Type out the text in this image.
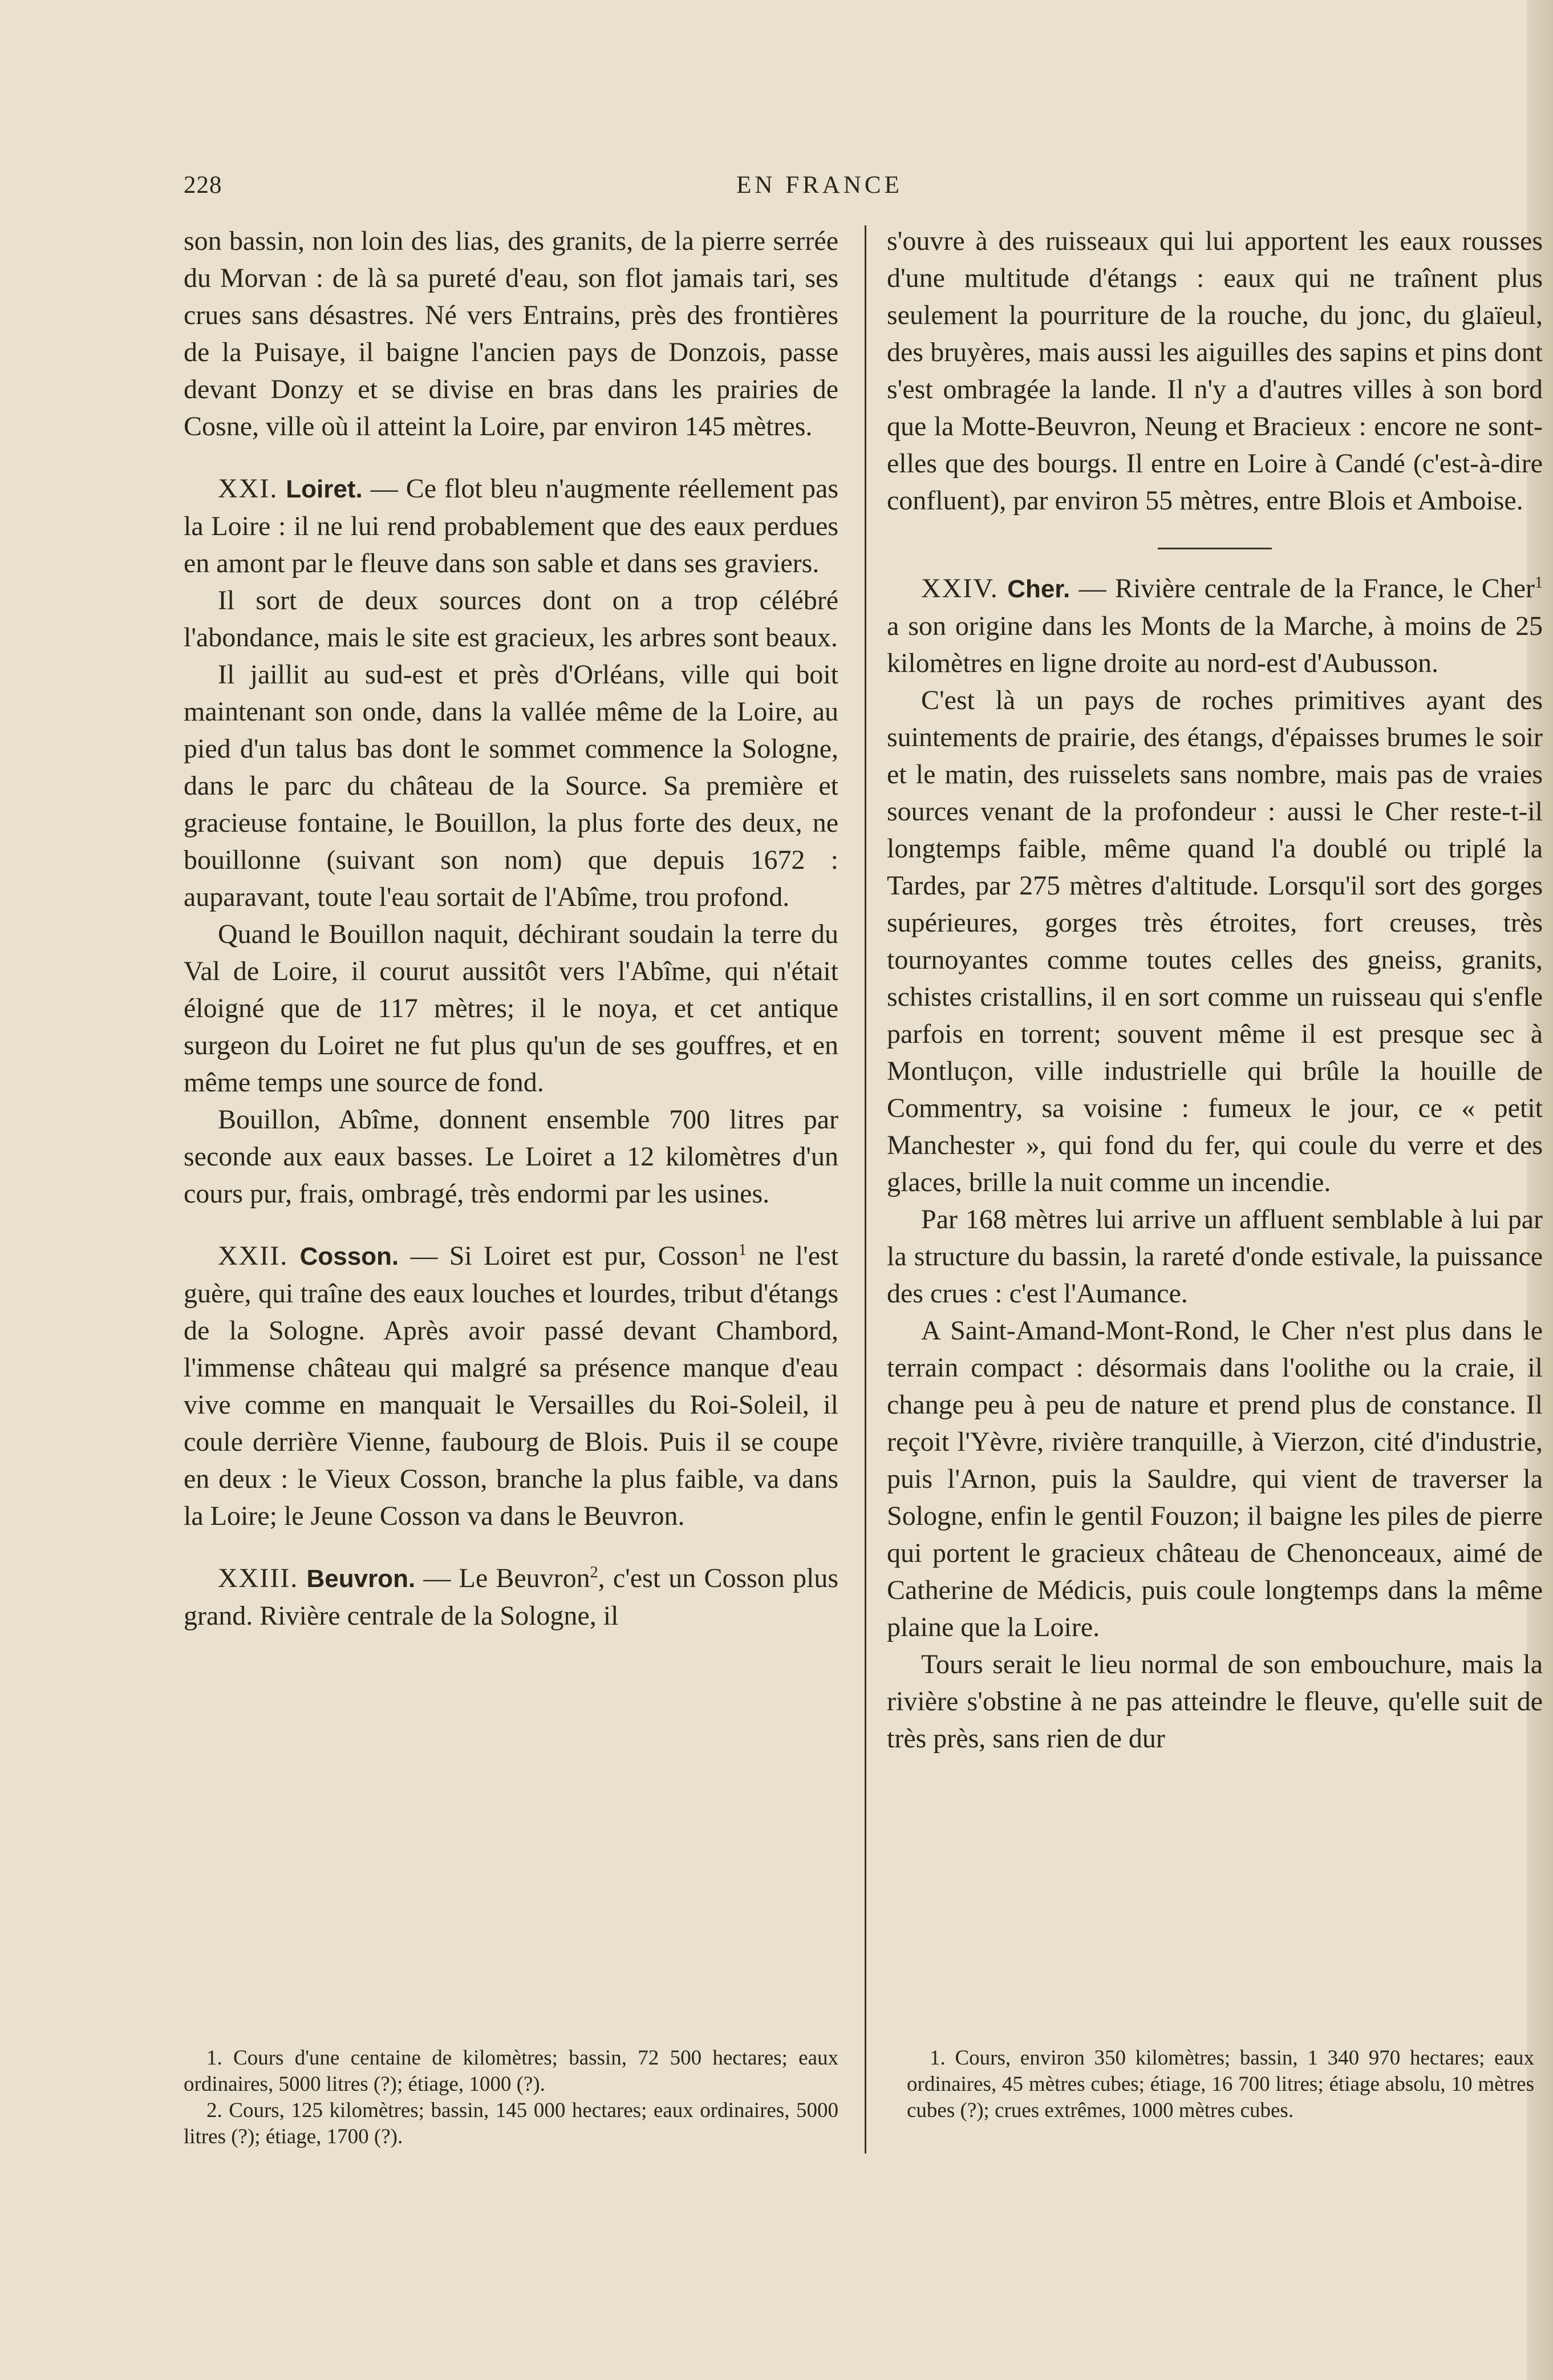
228	EN FRANCE

son bassin, non loin des lias, des granits, de la pierre serrée du Morvan : de là sa pureté d'eau, son flot jamais tari, ses crues sans désastres. Né vers Entrains, près des frontières de la Puisaye, il baigne l'ancien pays de Donzois, passe devant Donzy et se divise en bras dans les prairies de Cosne, ville où il atteint la Loire, par environ 145 mètres.

XXI. Loiret. — Ce flot bleu n'augmente réellement pas la Loire : il ne lui rend probablement que des eaux perdues en amont par le fleuve dans son sable et dans ses graviers.

Il sort de deux sources dont on a trop célébré l'abondance, mais le site est gracieux, les arbres sont beaux.

Il jaillit au sud-est et près d'Orléans, ville qui boit maintenant son onde, dans la vallée même de la Loire, au pied d'un talus bas dont le sommet commence la Sologne, dans le parc du château de la Source. Sa première et gracieuse fontaine, le Bouillon, la plus forte des deux, ne bouillonne (suivant son nom) que depuis 1672 : auparavant, toute l'eau sortait de l'Abîme, trou profond.

Quand le Bouillon naquit, déchirant soudain la terre du Val de Loire, il courut aussitôt vers l'Abîme, qui n'était éloigné que de 117 mètres; il le noya, et cet antique surgeon du Loiret ne fut plus qu'un de ses gouffres, et en même temps une source de fond.

Bouillon, Abîme, donnent ensemble 700 litres par seconde aux eaux basses. Le Loiret a 12 kilomètres d'un cours pur, frais, ombragé, très endormi par les usines.

XXII. Cosson. — Si Loiret est pur, Cosson$^1$ ne l'est guère, qui traîne des eaux louches et lourdes, tribut d'étangs de la Sologne. Après avoir passé devant Chambord, l'immense château qui malgré sa présence manque d'eau vive comme en manquait le Versailles du Roi-Soleil, il coule derrière Vienne, faubourg de Blois. Puis il se coupe en deux : le Vieux Cosson, branche la plus faible, va dans la Loire; le Jeune Cosson va dans le Beuvron.

XXIII. Beuvron. — Le Beuvron$^2$, c'est un Cosson plus grand. Rivière centrale de la Sologne, il

1. Cours d'une centaine de kilomètres; bassin, 72 500 hectares; eaux ordinaires, 5000 litres (?); étiage, 1000 (?).

2. Cours, 125 kilomètres; bassin, 145 000 hectares; eaux ordinaires, 5000 litres (?); étiage, 1700 (?).

s'ouvre à des ruisseaux qui lui apportent les eaux rousses d'une multitude d'étangs : eaux qui ne traînent plus seulement la pourriture de la rouche, du jonc, du glaïeul, des bruyères, mais aussi les aiguilles des sapins et pins dont s'est ombragée la lande. Il n'y a d'autres villes à son bord que la Motte-Beuvron, Neung et Bracieux : encore ne sont-elles que des bourgs. Il entre en Loire à Candé (c'est-à-dire confluent), par environ 55 mètres, entre Blois et Amboise.

XXIV. Cher. — Rivière centrale de la France, le Cher$^1$ a son origine dans les Monts de la Marche, à moins de 25 kilomètres en ligne droite au nord-est d'Aubusson.

C'est là un pays de roches primitives ayant des suintements de prairie, des étangs, d'épaisses brumes le soir et le matin, des ruisselets sans nombre, mais pas de vraies sources venant de la profondeur : aussi le Cher reste-t-il longtemps faible, même quand l'a doublé ou triplé la Tardes, par 275 mètres d'altitude. Lorsqu'il sort des gorges supérieures, gorges très étroites, fort creuses, très tournoyantes comme toutes celles des gneiss, granits, schistes cristallins, il en sort comme un ruisseau qui s'enfle parfois en torrent; souvent même il est presque sec à Montluçon, ville industrielle qui brûle la houille de Commentry, sa voisine : fumeux le jour, ce « petit Manchester », qui fond du fer, qui coule du verre et des glaces, brille la nuit comme un incendie.

Par 168 mètres lui arrive un affluent semblable à lui par la structure du bassin, la rareté d'onde estivale, la puissance des crues : c'est l'Aumance.

A Saint-Amand-Mont-Rond, le Cher n'est plus dans le terrain compact : désormais dans l'oolithe ou la craie, il change peu à peu de nature et prend plus de constance. Il reçoit l'Yèvre, rivière tranquille, à Vierzon, cité d'industrie, puis l'Arnon, puis la Sauldre, qui vient de traverser la Sologne, enfin le gentil Fouzon; il baigne les piles de pierre qui portent le gracieux château de Chenonceaux, aimé de Catherine de Médicis, puis coule longtemps dans la même plaine que la Loire.

Tours serait le lieu normal de son embouchure, mais la rivière s'obstine à ne pas atteindre le fleuve, qu'elle suit de très près, sans rien de dur

1. Cours, environ 350 kilomètres; bassin, 1 340 970 hectares; eaux ordinaires, 45 mètres cubes; étiage, 16 700 litres; étiage absolu, 10 mètres cubes (?); crues extrêmes, 1000 mètres cubes.
